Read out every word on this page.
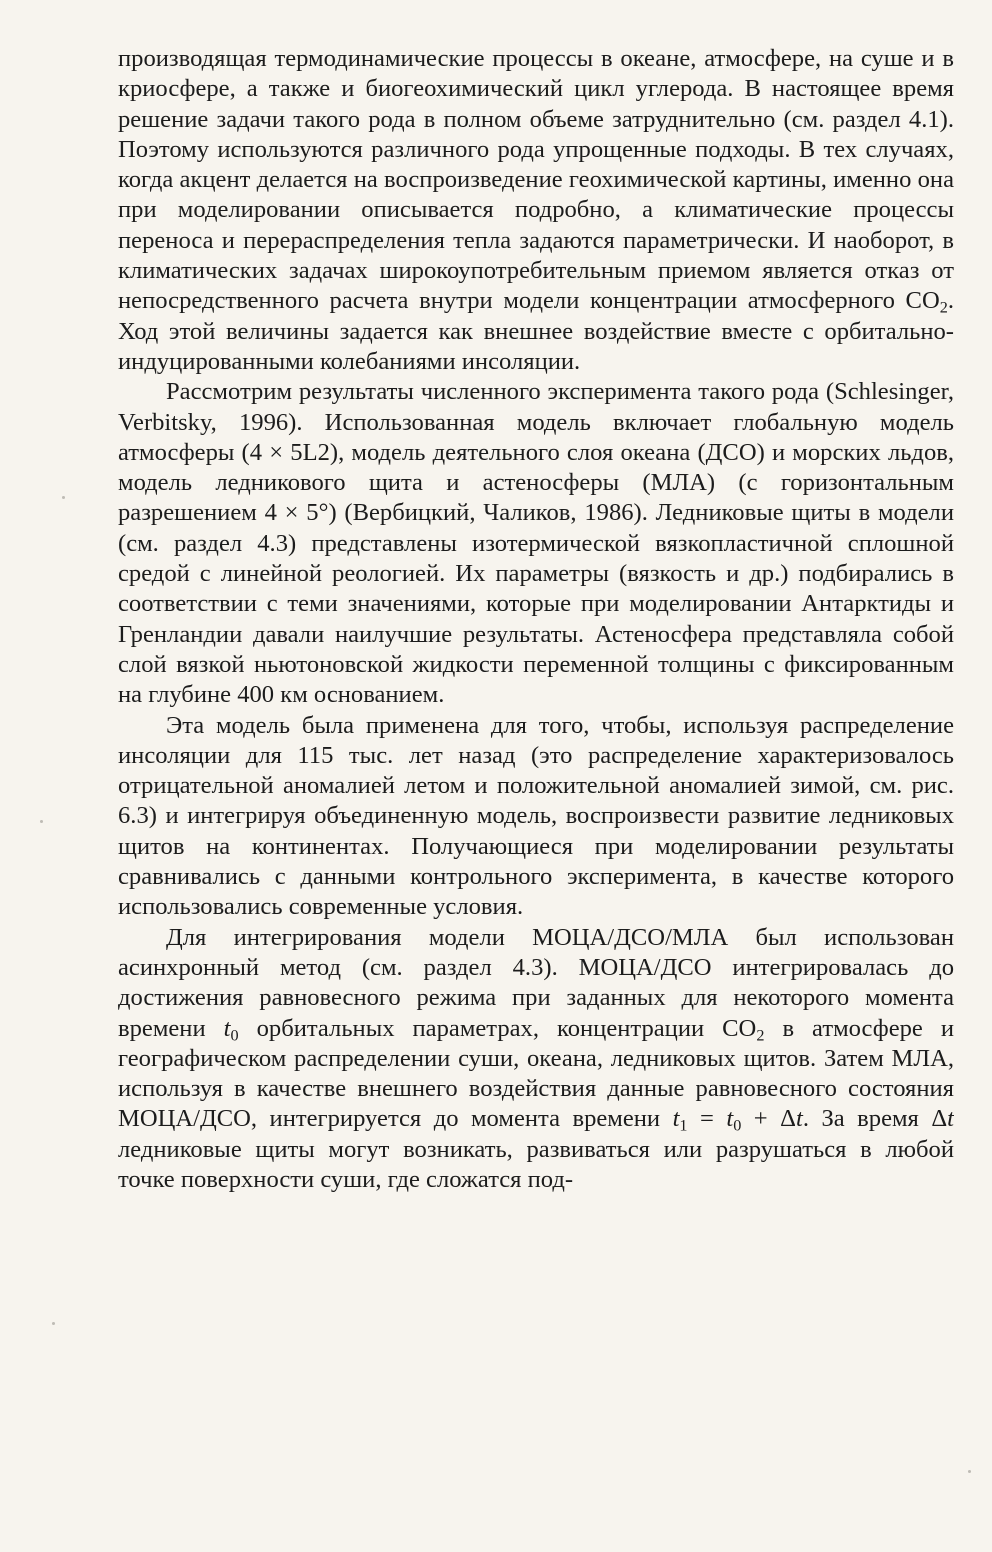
производящая термодинамические процессы в океане, атмосфере, на суше и в криосфере, а также и биогеохимический цикл углерода. В настоящее время решение задачи такого рода в полном объеме затруднительно (см. раздел 4.1). Поэтому используются различного рода упрощенные подходы. В тех случаях, когда акцент делается на воспроизведение геохимической картины, именно она при моделировании описывается подробно, а климатические процессы переноса и перераспределения тепла задаются параметрически. И наоборот, в климатических задачах широкоупотребительным приемом является отказ от непосредственного расчета внутри модели концентрации атмосферного $CO_2$. Ход этой величины задается как внешнее воздействие вместе с орбитально-индуцированными колебаниями инсоляции.

Рассмотрим результаты численного эксперимента такого рода (Schlesinger, Verbitsky, 1996). Использованная модель включает глобальную модель атмосферы (4 × 5L2), модель деятельного слоя океана (ДСО) и морских льдов, модель ледникового щита и астеносферы (МЛА) (с горизонтальным разрешением 4 × 5°) (Вербицкий, Чаликов, 1986). Ледниковые щиты в модели (см. раздел 4.3) представлены изотермической вязкопластичной сплошной средой с линейной реологией. Их параметры (вязкость и др.) подбирались в соответствии с теми значениями, которые при моделировании Антарктиды и Гренландии давали наилучшие результаты. Астеносфера представляла собой слой вязкой ньютоновской жидкости переменной толщины с фиксированным на глубине 400 км основанием.

Эта модель была применена для того, чтобы, используя распределение инсоляции для 115 тыс. лет назад (это распределение характеризовалось отрицательной аномалией летом и положительной аномалией зимой, см. рис. 6.3) и интегрируя объединенную модель, воспроизвести развитие ледниковых щитов на континентах. Получающиеся при моделировании результаты сравнивались с данными контрольного эксперимента, в качестве которого использовались современные условия.

Для интегрирования модели МОЦА/ДСО/МЛА был использован асинхронный метод (см. раздел 4.3). МОЦА/ДСО интегрировалась до достижения равновесного режима при заданных для некоторого момента времени $t_0$ орбитальных параметрах, концентрации $CO_2$ в атмосфере и географическом распределении суши, океана, ледниковых щитов. Затем МЛА, используя в качестве внешнего воздействия данные равновесного состояния МОЦА/ДСО, интегрируется до момента времени $t_1 = t_0 + \Delta t$. За время Δt ледниковые щиты могут возникать, развиваться или разрушаться в любой точке поверхности суши, где сложатся под-
